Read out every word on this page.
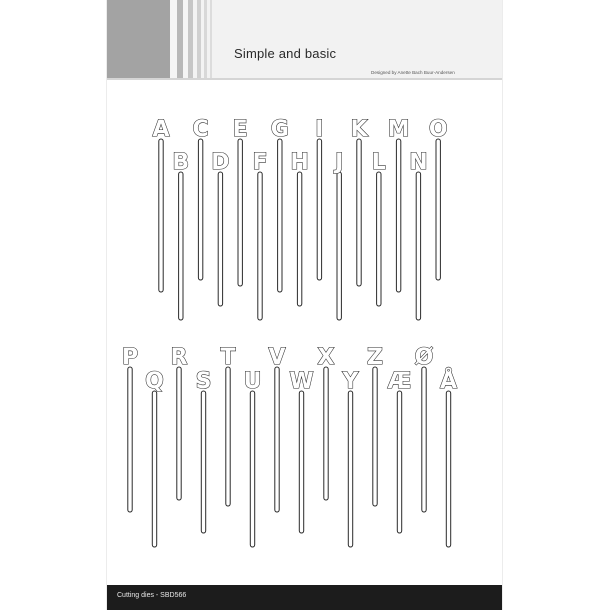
Simple and basic
Designed by Anette Bach Buur-Andersen
A
B
C
D
E
F
G
H
I
J
K
L
M
N
O
P
Q
R
S
T
U
V
W
X
Y
Z
Æ
Ø
Å
Cutting dies - SBD566
